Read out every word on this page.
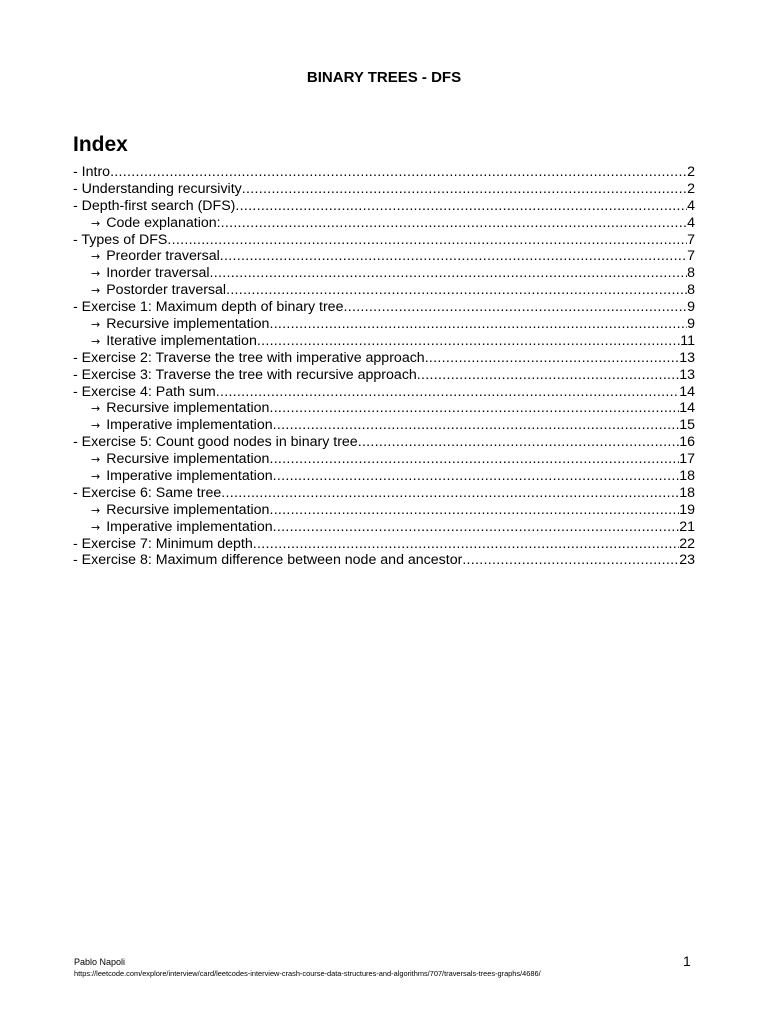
BINARY TREES - DFS
Index
- Intro .....	2
- Understanding recursivity .....	2
- Depth-first search (DFS) .....	4
→ Code explanation: .....	4
- Types of DFS .....	7
→ Preorder traversal .....	7
→ Inorder traversal .....	8
→ Postorder traversal .....	8
- Exercise 1: Maximum depth of binary tree .....	9
→ Recursive implementation .....	9
→ Iterative implementation .....	11
- Exercise 2: Traverse the tree with imperative approach .....	13
- Exercise 3: Traverse the tree with recursive approach .....	13
- Exercise 4: Path sum .....	14
→ Recursive implementation .....	14
→ Imperative implementation .....	15
- Exercise 5: Count good nodes in binary tree .....	16
→ Recursive implementation .....	17
→ Imperative implementation .....	18
- Exercise 6: Same tree .....	18
→ Recursive implementation .....	19
→ Imperative implementation .....	21
- Exercise 7: Minimum depth .....	22
- Exercise 8: Maximum difference between node and ancestor .....	23
Pablo Napoli
https://leetcode.com/explore/interview/card/leetcodes-interview-crash-course-data-structures-and-algorithms/707/traversals-trees-graphs/4686/
1
